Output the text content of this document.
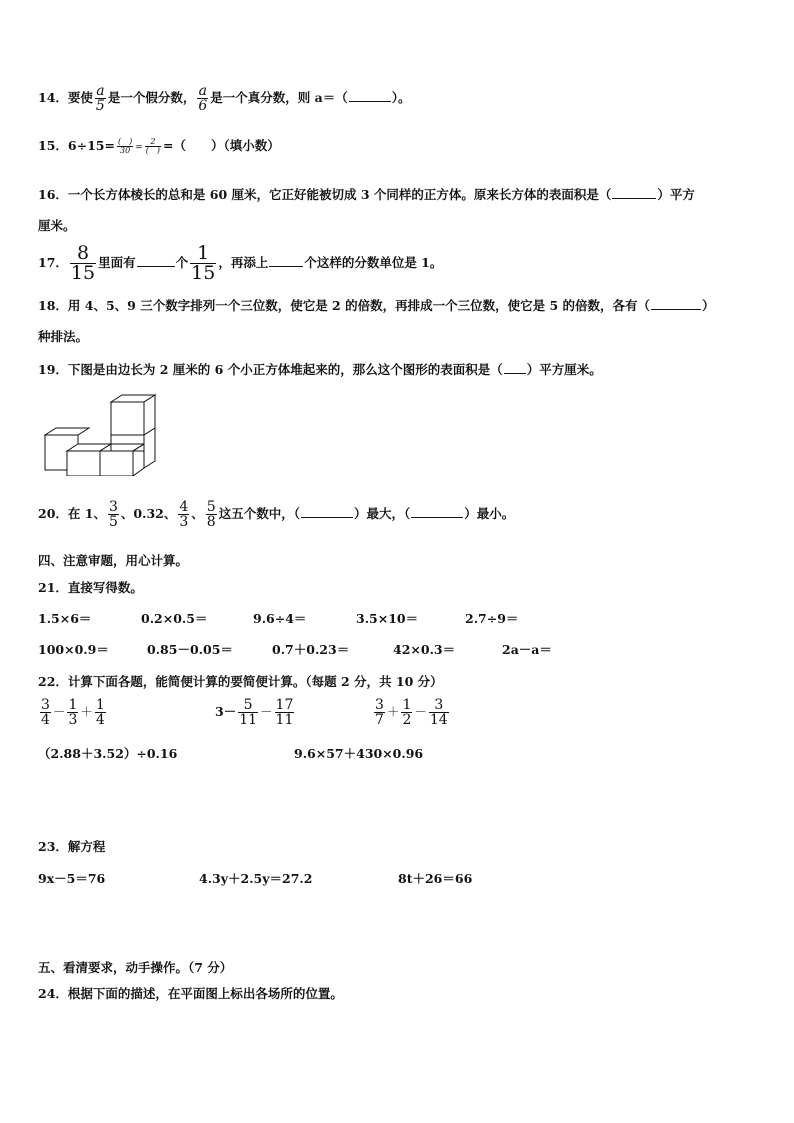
14．要使 $\frac{a}{5}$ 是一个假分数， $\frac{a}{6}$ 是一个真分数，则 a＝（	）。
15．$6\div 15= \frac{( )}{30} = \frac{2}{( )}$ =（　　）（填小数）
16．一个长方体棱长的总和是 60 厘米，它正好能被切成 3 个同样的正方体。原来长方体的表面积是（	）平方
厘米。
17． $\frac{8}{15}$ 里面有	个 $\frac{1}{15}$ ，再添上	个这样的分数单位是 1。
18．用 4、5、9 三个数字排列一个三位数，使它是 2 的倍数，再排成一个三位数，使它是 5 的倍数，各有（	）
种排法。
19．下图是由边长为 2 厘米的 6 个小正方体堆起来的，那么这个图形的表面积是（ ）平方厘米。
20．在 1、 $\frac{3}{5}$ 、0.32、 $\frac{4}{3}$ 、 $\frac{5}{8}$ 这五个数中，（	）最大，（	）最小。
四、注意审题，用心计算。
21．直接写得数。
1.5×6＝	0.2×0.5＝	9.6÷4＝	3.5×10＝	2.7÷9＝
100×0.9＝	0.85－0.05＝	0.7＋0.23＝	42×0.3＝	2a－a＝
22．计算下面各题，能简便计算的要简便计算。（每题 2 分，共 10 分）
$\frac{3}{4} - \frac{1}{3} + \frac{1}{4}$	$3- \frac{5}{11} - \frac{17}{11}$	$\frac{3}{7} + \frac{1}{2} - \frac{3}{14}$
（2.88＋3.52）÷0.16	9.6×57＋430×0.96
23．解方程
9x－5＝76	4.3y＋2.5y＝27.2	8t＋26＝66
五、看清要求，动手操作。（7 分）
24．根据下面的描述，在平面图上标出各场所的位置。
